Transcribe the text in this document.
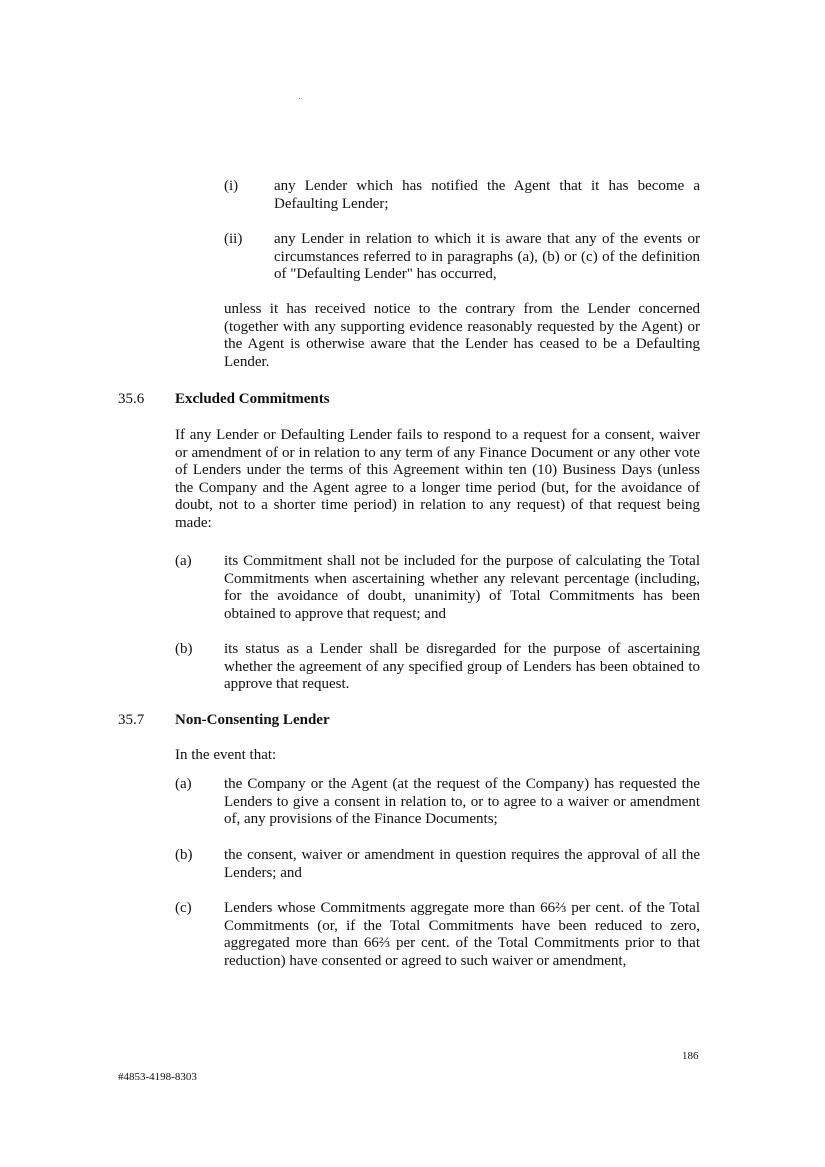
(i) any Lender which has notified the Agent that it has become a Defaulting Lender;

(ii) any Lender in relation to which it is aware that any of the events or circumstances referred to in paragraphs (a), (b) or (c) of the definition of "Defaulting Lender" has occurred,

unless it has received notice to the contrary from the Lender concerned (together with any supporting evidence reasonably requested by the Agent) or the Agent is otherwise aware that the Lender has ceased to be a Defaulting Lender.

35.6 Excluded Commitments

If any Lender or Defaulting Lender fails to respond to a request for a consent, waiver or amendment of or in relation to any term of any Finance Document or any other vote of Lenders under the terms of this Agreement within ten (10) Business Days (unless the Company and the Agent agree to a longer time period (but, for the avoidance of doubt, not to a shorter time period) in relation to any request) of that request being made:

(a) its Commitment shall not be included for the purpose of calculating the Total Commitments when ascertaining whether any relevant percentage (including, for the avoidance of doubt, unanimity) of Total Commitments has been obtained to approve that request; and

(b) its status as a Lender shall be disregarded for the purpose of ascertaining whether the agreement of any specified group of Lenders has been obtained to approve that request.

35.7 Non-Consenting Lender

In the event that:

(a) the Company or the Agent (at the request of the Company) has requested the Lenders to give a consent in relation to, or to agree to a waiver or amendment of, any provisions of the Finance Documents;

(b) the consent, waiver or amendment in question requires the approval of all the Lenders; and

(c) Lenders whose Commitments aggregate more than 66⅔ per cent. of the Total Commitments (or, if the Total Commitments have been reduced to zero, aggregated more than 66⅔ per cent. of the Total Commitments prior to that reduction) have consented or agreed to such waiver or amendment,

186
#4853-4198-8303
